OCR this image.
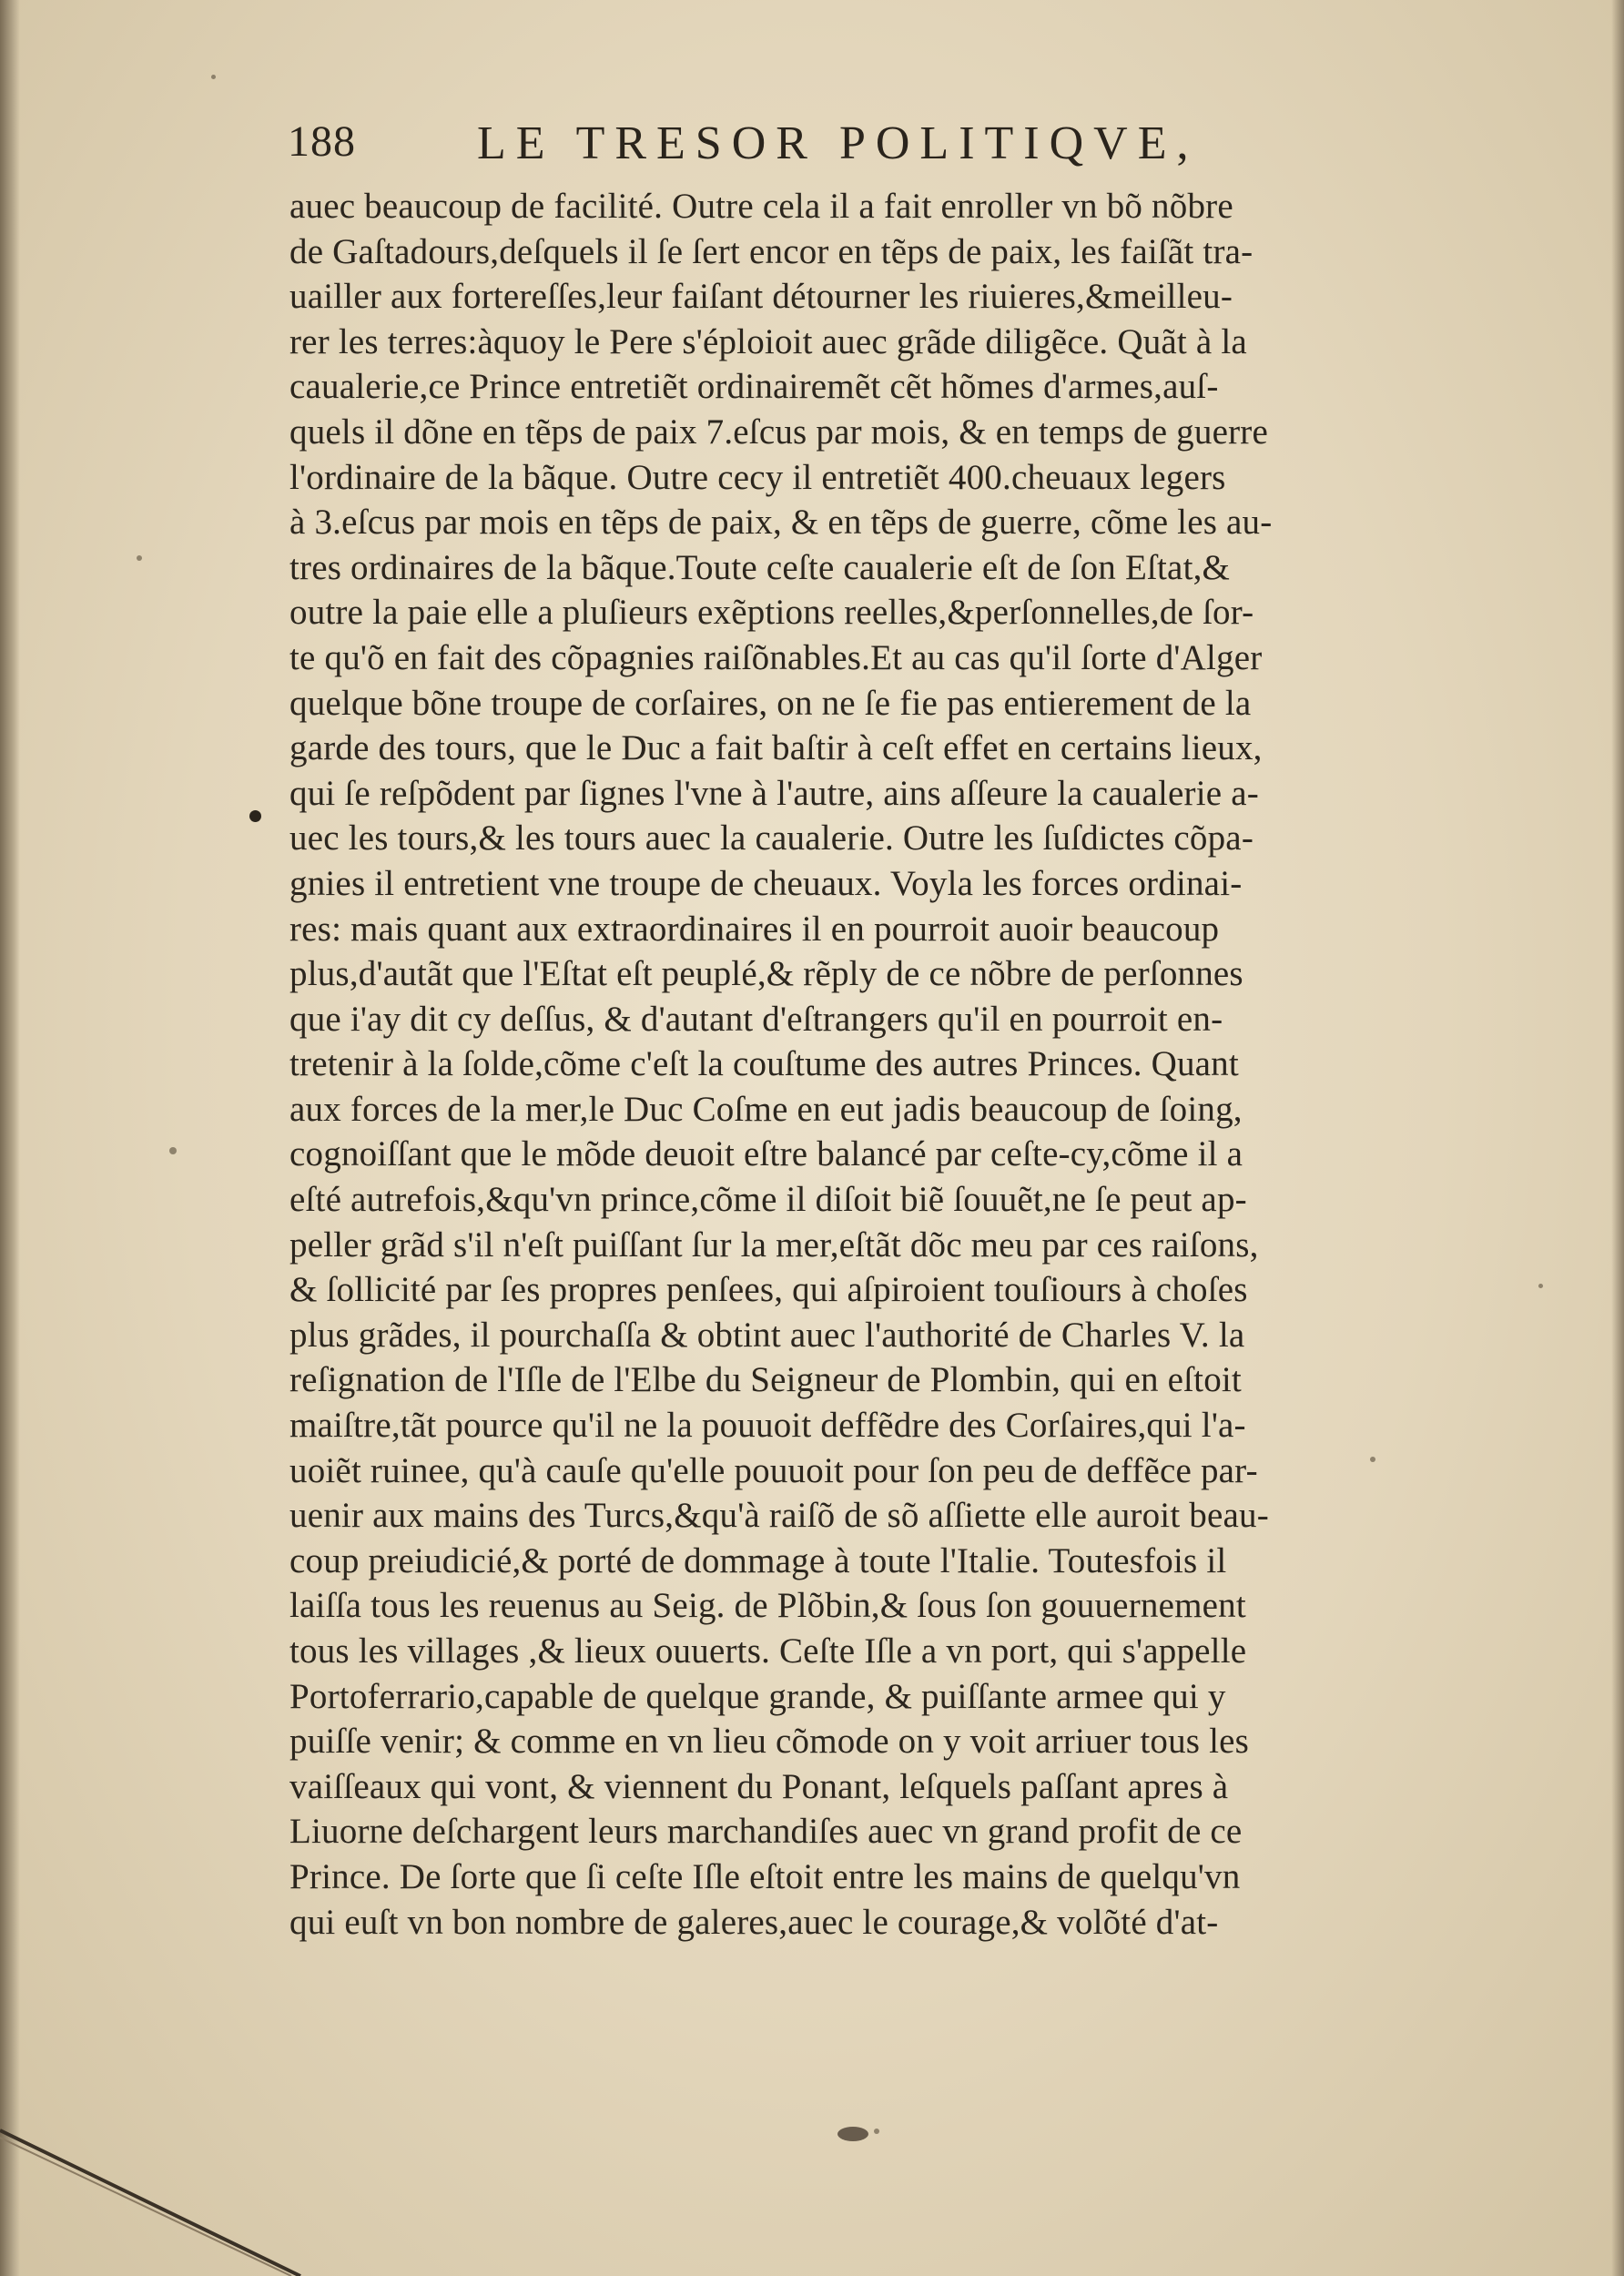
188	LE TRESOR POLITIQVE,
auec beaucoup de facilité. Outre cela il a fait enroller vn bõ nõbre
de Gaſtadours,deſquels il ſe ſert encor en tẽps de paix, les faiſãt tra-
uailler aux fortereſſes,leur faiſant détourner les riuieres,&meilleu-
rer les terres:àquoy le Pere s'éploioit auec grãde diligẽce. Quãt à la
caualerie,ce Prince entretiẽt ordinairemẽt cẽt hõmes d'armes,auſ-
quels il dõne en tẽps de paix 7.eſcus par mois, & en temps de guerre
l'ordinaire de la bãque. Outre cecy il entretiẽt 400.cheuaux legers
à 3.eſcus par mois en tẽps de paix, & en tẽps de guerre, cõme les au-
tres ordinaires de la bãque.Toute ceſte caualerie eſt de ſon Eſtat,&
outre la paie elle a pluſieurs exẽptions reelles,&perſonnelles,de ſor-
te qu'õ en fait des cõpagnies raiſõnables.Et au cas qu'il ſorte d'Alger
quelque bõne troupe de corſaires, on ne ſe fie pas entierement de la
garde des tours, que le Duc a fait baſtir à ceſt effet en certains lieux,
qui ſe reſpõdent par ſignes l'vne à l'autre, ains aſſeure la caualerie a-
uec les tours,& les tours auec la caualerie. Outre les ſuſdictes cõpa-
gnies il entretient vne troupe de cheuaux. Voyla les forces ordinai-
res: mais quant aux extraordinaires il en pourroit auoir beaucoup
plus,d'autãt que l'Eſtat eſt peuplé,& rẽply de ce nõbre de perſonnes
que i'ay dit cy deſſus, & d'autant d'eſtrangers qu'il en pourroit en-
tretenir à la ſolde,cõme c'eſt la couſtume des autres Princes. Quant
aux forces de la mer,le Duc Coſme en eut jadis beaucoup de ſoing,
cognoiſſant que le mõde deuoit eſtre balancé par ceſte-cy,cõme il a
eſté autrefois,&qu'vn prince,cõme il diſoit biẽ ſouuẽt,ne ſe peut ap-
peller grãd s'il n'eſt puiſſant ſur la mer,eſtãt dõc meu par ces raiſons,
& ſollicité par ſes propres penſees, qui aſpiroient touſiours à choſes
plus grãdes, il pourchaſſa & obtint auec l'authorité de Charles V. la
reſignation de l'Iſle de l'Elbe du Seigneur de Plombin, qui en eſtoit
maiſtre,tãt pource qu'il ne la pouuoit deffẽdre des Corſaires,qui l'a-
uoiẽt ruinee, qu'à cauſe qu'elle pouuoit pour ſon peu de deffẽce par-
uenir aux mains des Turcs,&qu'à raiſõ de sõ aſſiette elle auroit beau-
coup preiudicié,& porté de dommage à toute l'Italie. Toutesfois il
laiſſa tous les reuenus au Seig. de Plõbin,& ſous ſon gouuernement
tous les villages ,& lieux ouuerts. Ceſte Iſle a vn port, qui s'appelle
Portoferrario,capable de quelque grande, & puiſſante armee qui y
puiſſe venir; & comme en vn lieu cõmode on y voit arriuer tous les
vaiſſeaux qui vont, & viennent du Ponant, leſquels paſſant apres à
Liuorne deſchargent leurs marchandiſes auec vn grand profit de ce
Prince. De ſorte que ſi ceſte Iſle eſtoit entre les mains de quelqu'vn
qui euſt vn bon nombre de galeres,auec le courage,& volõté d'at-
